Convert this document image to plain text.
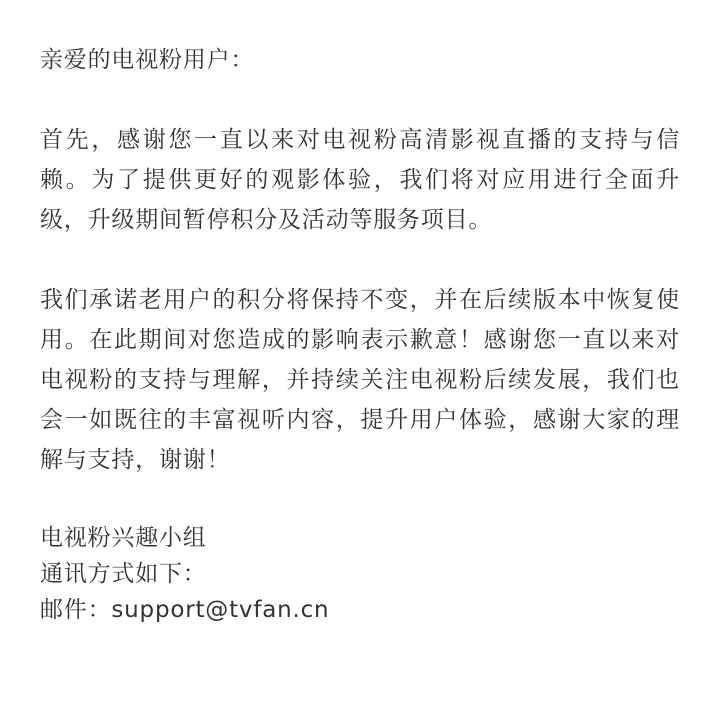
亲爱的电视粉用户：

首先，感谢您一直以来对电视粉高清影视直播的支持与信赖。为了提供更好的观影体验，我们将对应用进行全面升级，升级期间暂停积分及活动等服务项目。

我们承诺老用户的积分将保持不变，并在后续版本中恢复使用。在此期间对您造成的影响表示歉意！感谢您一直以来对电视粉的支持与理解，并持续关注电视粉后续发展，我们也会一如既往的丰富视听内容，提升用户体验，感谢大家的理解与支持，谢谢！

电视粉兴趣小组
通讯方式如下：
邮件：support@tvfan.cn
